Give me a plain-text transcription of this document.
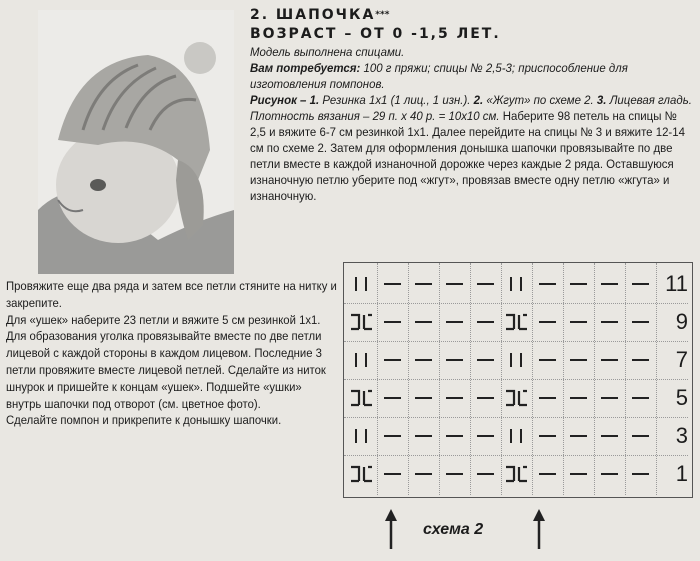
2. ШАПОЧКА***
ВОЗРАСТ – ОТ 0 -1,5 ЛЕТ.
Модель выполнена спицами.
Вам потребуется: 100 г пряжи; спицы № 2,5-3; приспособление для изготовления помпонов.
Рисунок – 1. Резинка 1х1 (1 лиц., 1 изн.). 2. «Жгут» по схеме 2. 3. Лицевая гладь. Плотность вязания – 29 п. х 40 р. = 10х10 см. Наберите 98 петель на спицы № 2,5 и вяжите 6-7 см резинкой 1х1. Далее перейдите на спицы № 3 и вяжите 12-14 см по схеме 2. Затем для оформления донышка шапочки провязывайте по две петли вместе в каждой изнаночной дорожке через каждые 2 ряда. Оставшуюся изнаночную петлю уберите под «жгут», провязав вместе одну петлю «жгута» и изнаночную.

Провяжите еще два ряда и затем все петли стяните на нитку и закрепите.

Для «ушек» наберите 23 петли и вяжите 5 см резинкой 1х1. Для образования уголка провязывайте вместе по две петли лицевой с каждой стороны в каждом лицевом. Последние 3 петли провяжите вместе лицевой петлей. Сделайте из ниток шнурок и пришейте к концам «ушек». Подшейте «ушки» внутрь шапочки под отворот (см. цветное фото).

Сделайте помпон и прикрепите к донышку шапочки.

11
9
7
5
3
1
схема 2
